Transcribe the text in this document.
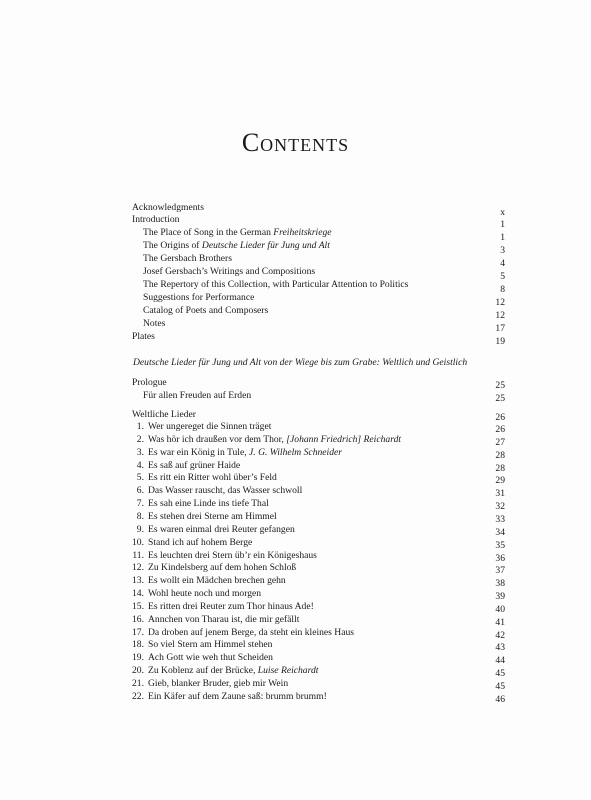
Contents
Acknowledgments	x
Introduction	1
The Place of Song in the German Freiheitskriege	1
The Origins of Deutsche Lieder für Jung und Alt	3
The Gersbach Brothers	4
Josef Gersbach’s Writings and Compositions	5
The Repertory of this Collection, with Particular Attention to Politics	8
Suggestions for Performance	12
Catalog of Poets and Composers	12
Notes	17
Plates	19
Prologue	25
Für allen Freuden auf Erden	25
Weltliche Lieder	26
1. Wer ungereget die Sinnen träget	26
2. Was hör ich draußen vor dem Thor, [Johann Friedrich] Reichardt	27
3. Es war ein König in Tule, J. G. Wilhelm Schneider	28
4. Es saß auf grüner Haide	28
5. Es ritt ein Ritter wohl über’s Feld	29
6. Das Wasser rauscht, das Wasser schwoll	31
7. Es sah eine Linde ins tiefe Thal	32
8. Es stehen drei Sterne am Himmel	33
9. Es waren einmal drei Reuter gefangen	34
10. Stand ich auf hohem Berge	35
11. Es leuchten drei Stern üb’r ein Königeshaus	36
12. Zu Kindelsberg auf dem hohen Schloß	37
13. Es wollt ein Mädchen brechen gehn	38
14. Wohl heute noch und morgen	39
15. Es ritten drei Reuter zum Thor hinaus Ade!	40
16. Annchen von Tharau ist, die mir gefällt	41
17. Da droben auf jenem Berge, da steht ein kleines Haus	42
18. So viel Stern am Himmel stehen	43
19. Ach Gott wie weh thut Scheiden	44
20. Zu Koblenz auf der Brücke, Luise Reichardt	45
21. Gieb, blanker Bruder, gieb mir Wein	45
22. Ein Käfer auf dem Zaune saß: brumm brumm!	46
Deutsche Lieder für Jung und Alt von der Wiege bis zum Grabe: Weltlich und Geistlich
